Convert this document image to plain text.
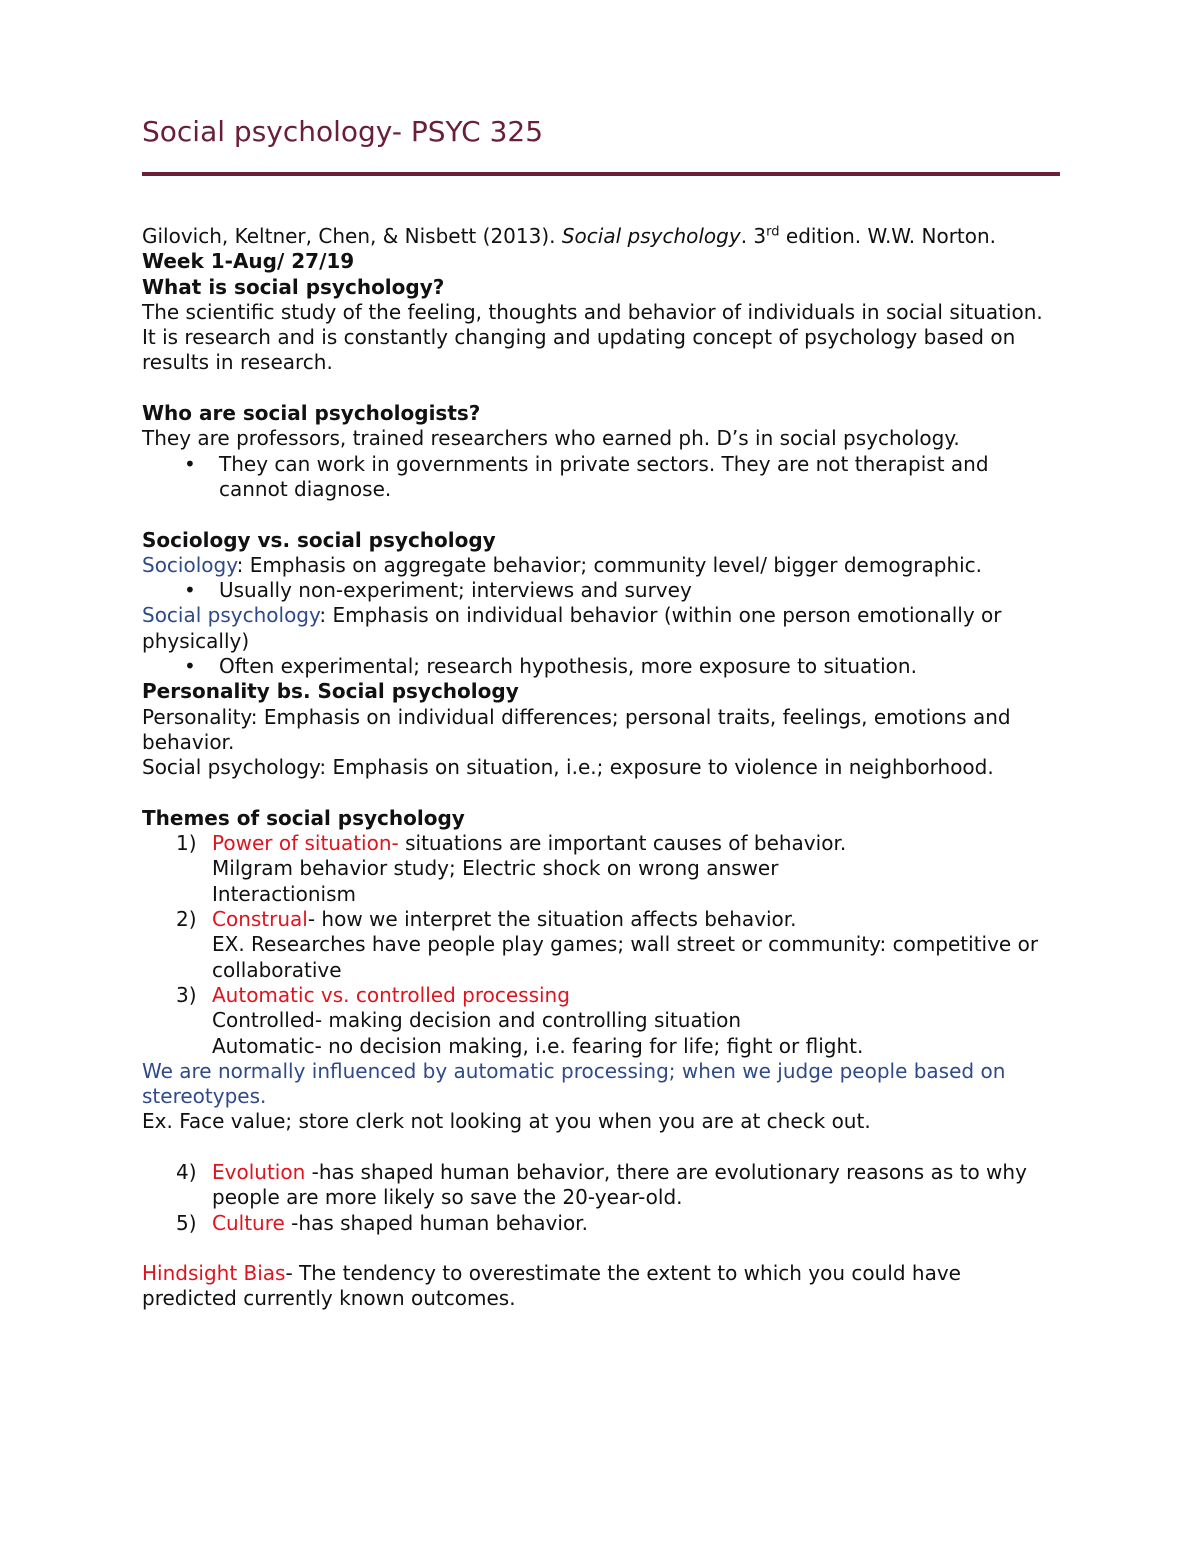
Social psychology- PSYC 325

Gilovich, Keltner, Chen, & Nisbett (2013). Social psychology. 3rd edition. W.W. Norton.

Week 1-Aug/ 27/19

What is social psychology?

The scientific study of the feeling, thoughts and behavior of individuals in social situation. It is research and is constantly changing and updating concept of psychology based on results in research.

Who are social psychologists?

They are professors, trained researchers who earned ph. D’s in social psychology.

• They can work in governments in private sectors. They are not therapist and cannot diagnose.

Sociology vs. social psychology

Sociology: Emphasis on aggregate behavior; community level/ bigger demographic.

• Usually non-experiment; interviews and survey

Social psychology: Emphasis on individual behavior (within one person emotionally or physically)

• Often experimental; research hypothesis, more exposure to situation.

Personality bs. Social psychology

Personality: Emphasis on individual differences; personal traits, feelings, emotions and behavior.

Social psychology: Emphasis on situation, i.e.; exposure to violence in neighborhood.

Themes of social psychology

1) Power of situation- situations are important causes of behavior.
Milgram behavior study; Electric shock on wrong answer
Interactionism
2) Construal- how we interpret the situation affects behavior.
EX. Researches have people play games; wall street or community: competitive or collaborative
3) Automatic vs. controlled processing
Controlled- making decision and controlling situation
Automatic- no decision making, i.e. fearing for life; fight or flight.

We are normally influenced by automatic processing; when we judge people based on stereotypes.

Ex. Face value; store clerk not looking at you when you are at check out.

4) Evolution -has shaped human behavior, there are evolutionary reasons as to why people are more likely so save the 20-year-old.
5) Culture -has shaped human behavior.

Hindsight Bias- The tendency to overestimate the extent to which you could have predicted currently known outcomes.
